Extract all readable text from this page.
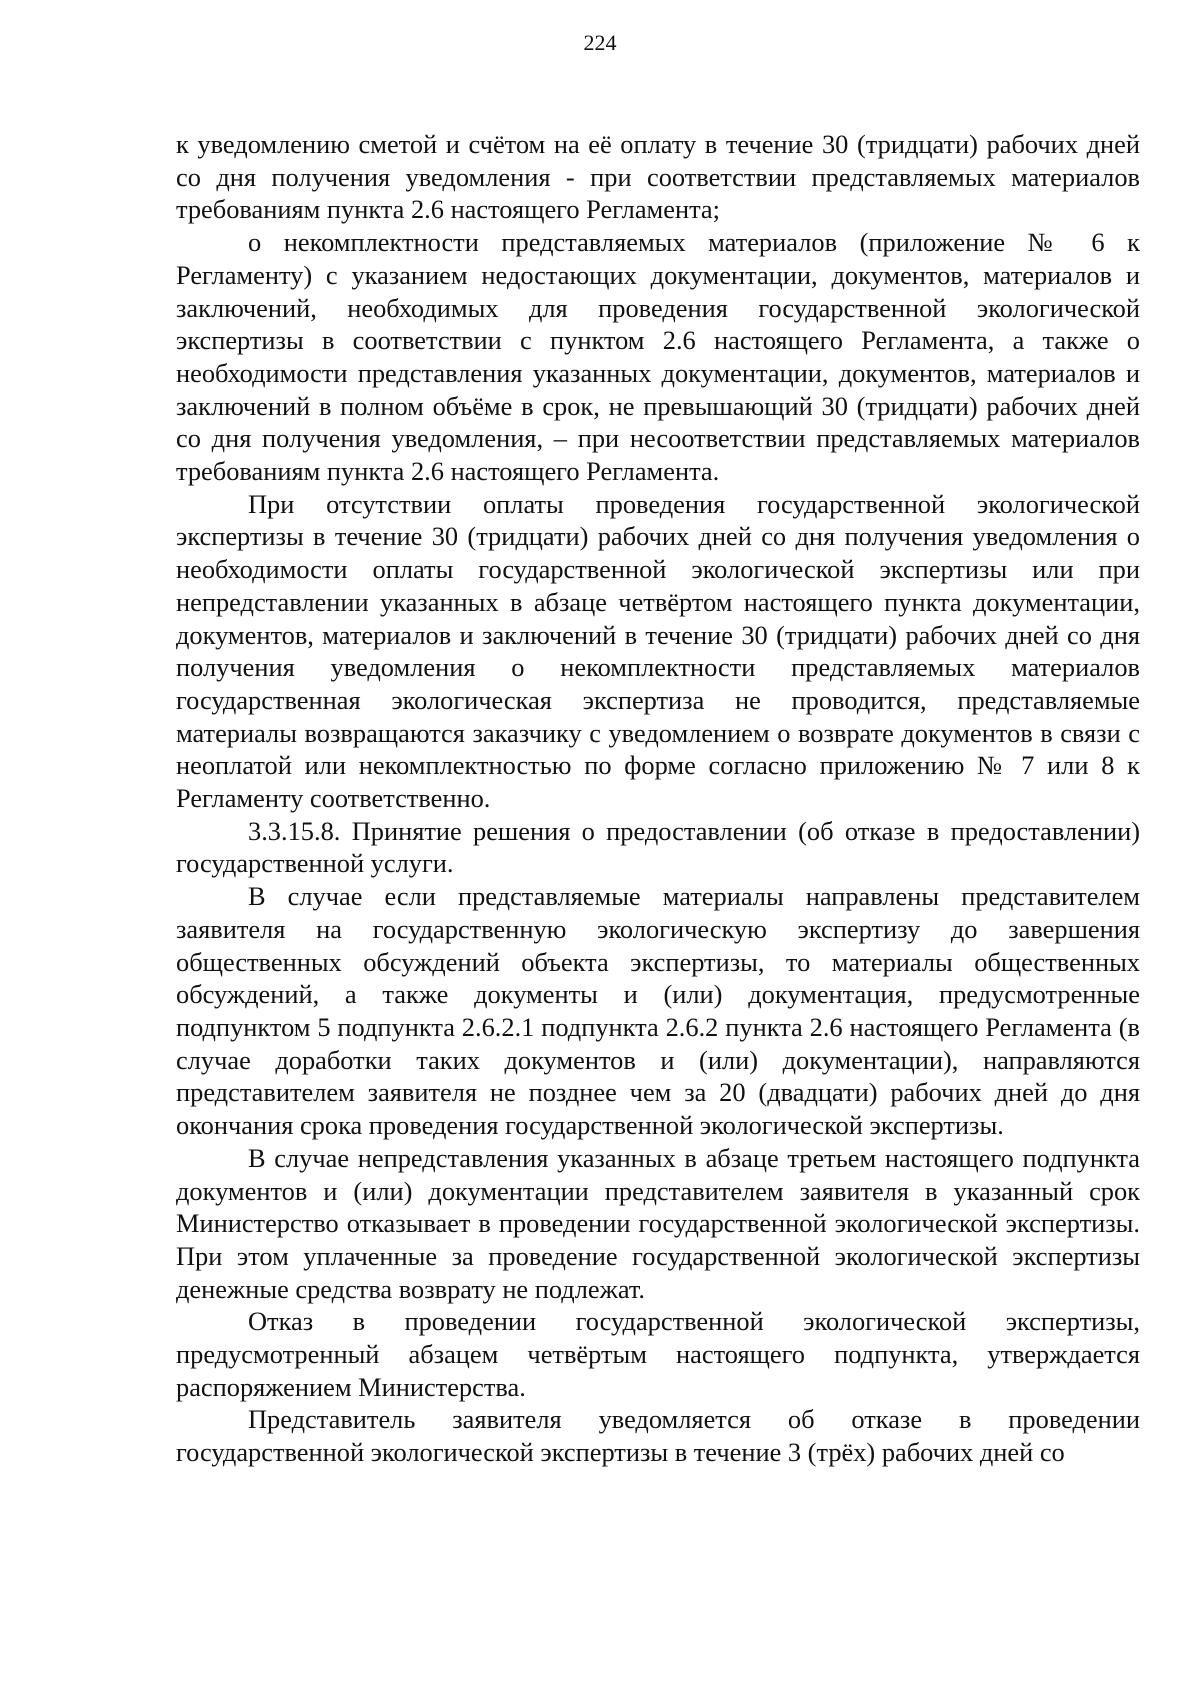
224

к уведомлению сметой и счётом на её оплату в течение 30 (тридцати) рабочих дней со дня получения уведомления - при соответствии представляемых материалов требованиям пункта 2.6 настоящего Регламента;

о некомплектности представляемых материалов (приложение № 6 к Регламенту) с указанием недостающих документации, документов, материалов и заключений, необходимых для проведения государственной экологической экспертизы в соответствии с пунктом 2.6 настоящего Регламента, а также о необходимости представления указанных документации, документов, материалов и заключений в полном объёме в срок, не превышающий 30 (тридцати) рабочих дней со дня получения уведомления, – при несоответствии представляемых материалов требованиям пункта 2.6 настоящего Регламента.

При отсутствии оплаты проведения государственной экологической экспертизы в течение 30 (тридцати) рабочих дней со дня получения уведомления о необходимости оплаты государственной экологической экспертизы или при непредставлении указанных в абзаце четвёртом настоящего пункта документации, документов, материалов и заключений в течение 30 (тридцати) рабочих дней со дня получения уведомления о некомплектности представляемых материалов государственная экологическая экспертиза не проводится, представляемые материалы возвращаются заказчику с уведомлением о возврате документов в связи с неоплатой или некомплектностью по форме согласно приложению № 7 или 8 к Регламенту соответственно.

3.3.15.8. Принятие решения о предоставлении (об отказе в предоставлении) государственной услуги.

В случае если представляемые материалы направлены представителем заявителя на государственную экологическую экспертизу до завершения общественных обсуждений объекта экспертизы, то материалы общественных обсуждений, а также документы и (или) документация, предусмотренные подпунктом 5 подпункта 2.6.2.1 подпункта 2.6.2 пункта 2.6 настоящего Регламента (в случае доработки таких документов и (или) документации), направляются представителем заявителя не позднее чем за 20 (двадцати) рабочих дней до дня окончания срока проведения государственной экологической экспертизы.

В случае непредставления указанных в абзаце третьем настоящего подпункта документов и (или) документации представителем заявителя в указанный срок Министерство отказывает в проведении государственной экологической экспертизы. При этом уплаченные за проведение государственной экологической экспертизы денежные средства возврату не подлежат.

Отказ в проведении государственной экологической экспертизы, предусмотренный абзацем четвёртым настоящего подпункта, утверждается распоряжением Министерства.

Представитель заявителя уведомляется об отказе в проведении государственной экологической экспертизы в течение 3 (трёх) рабочих дней со
